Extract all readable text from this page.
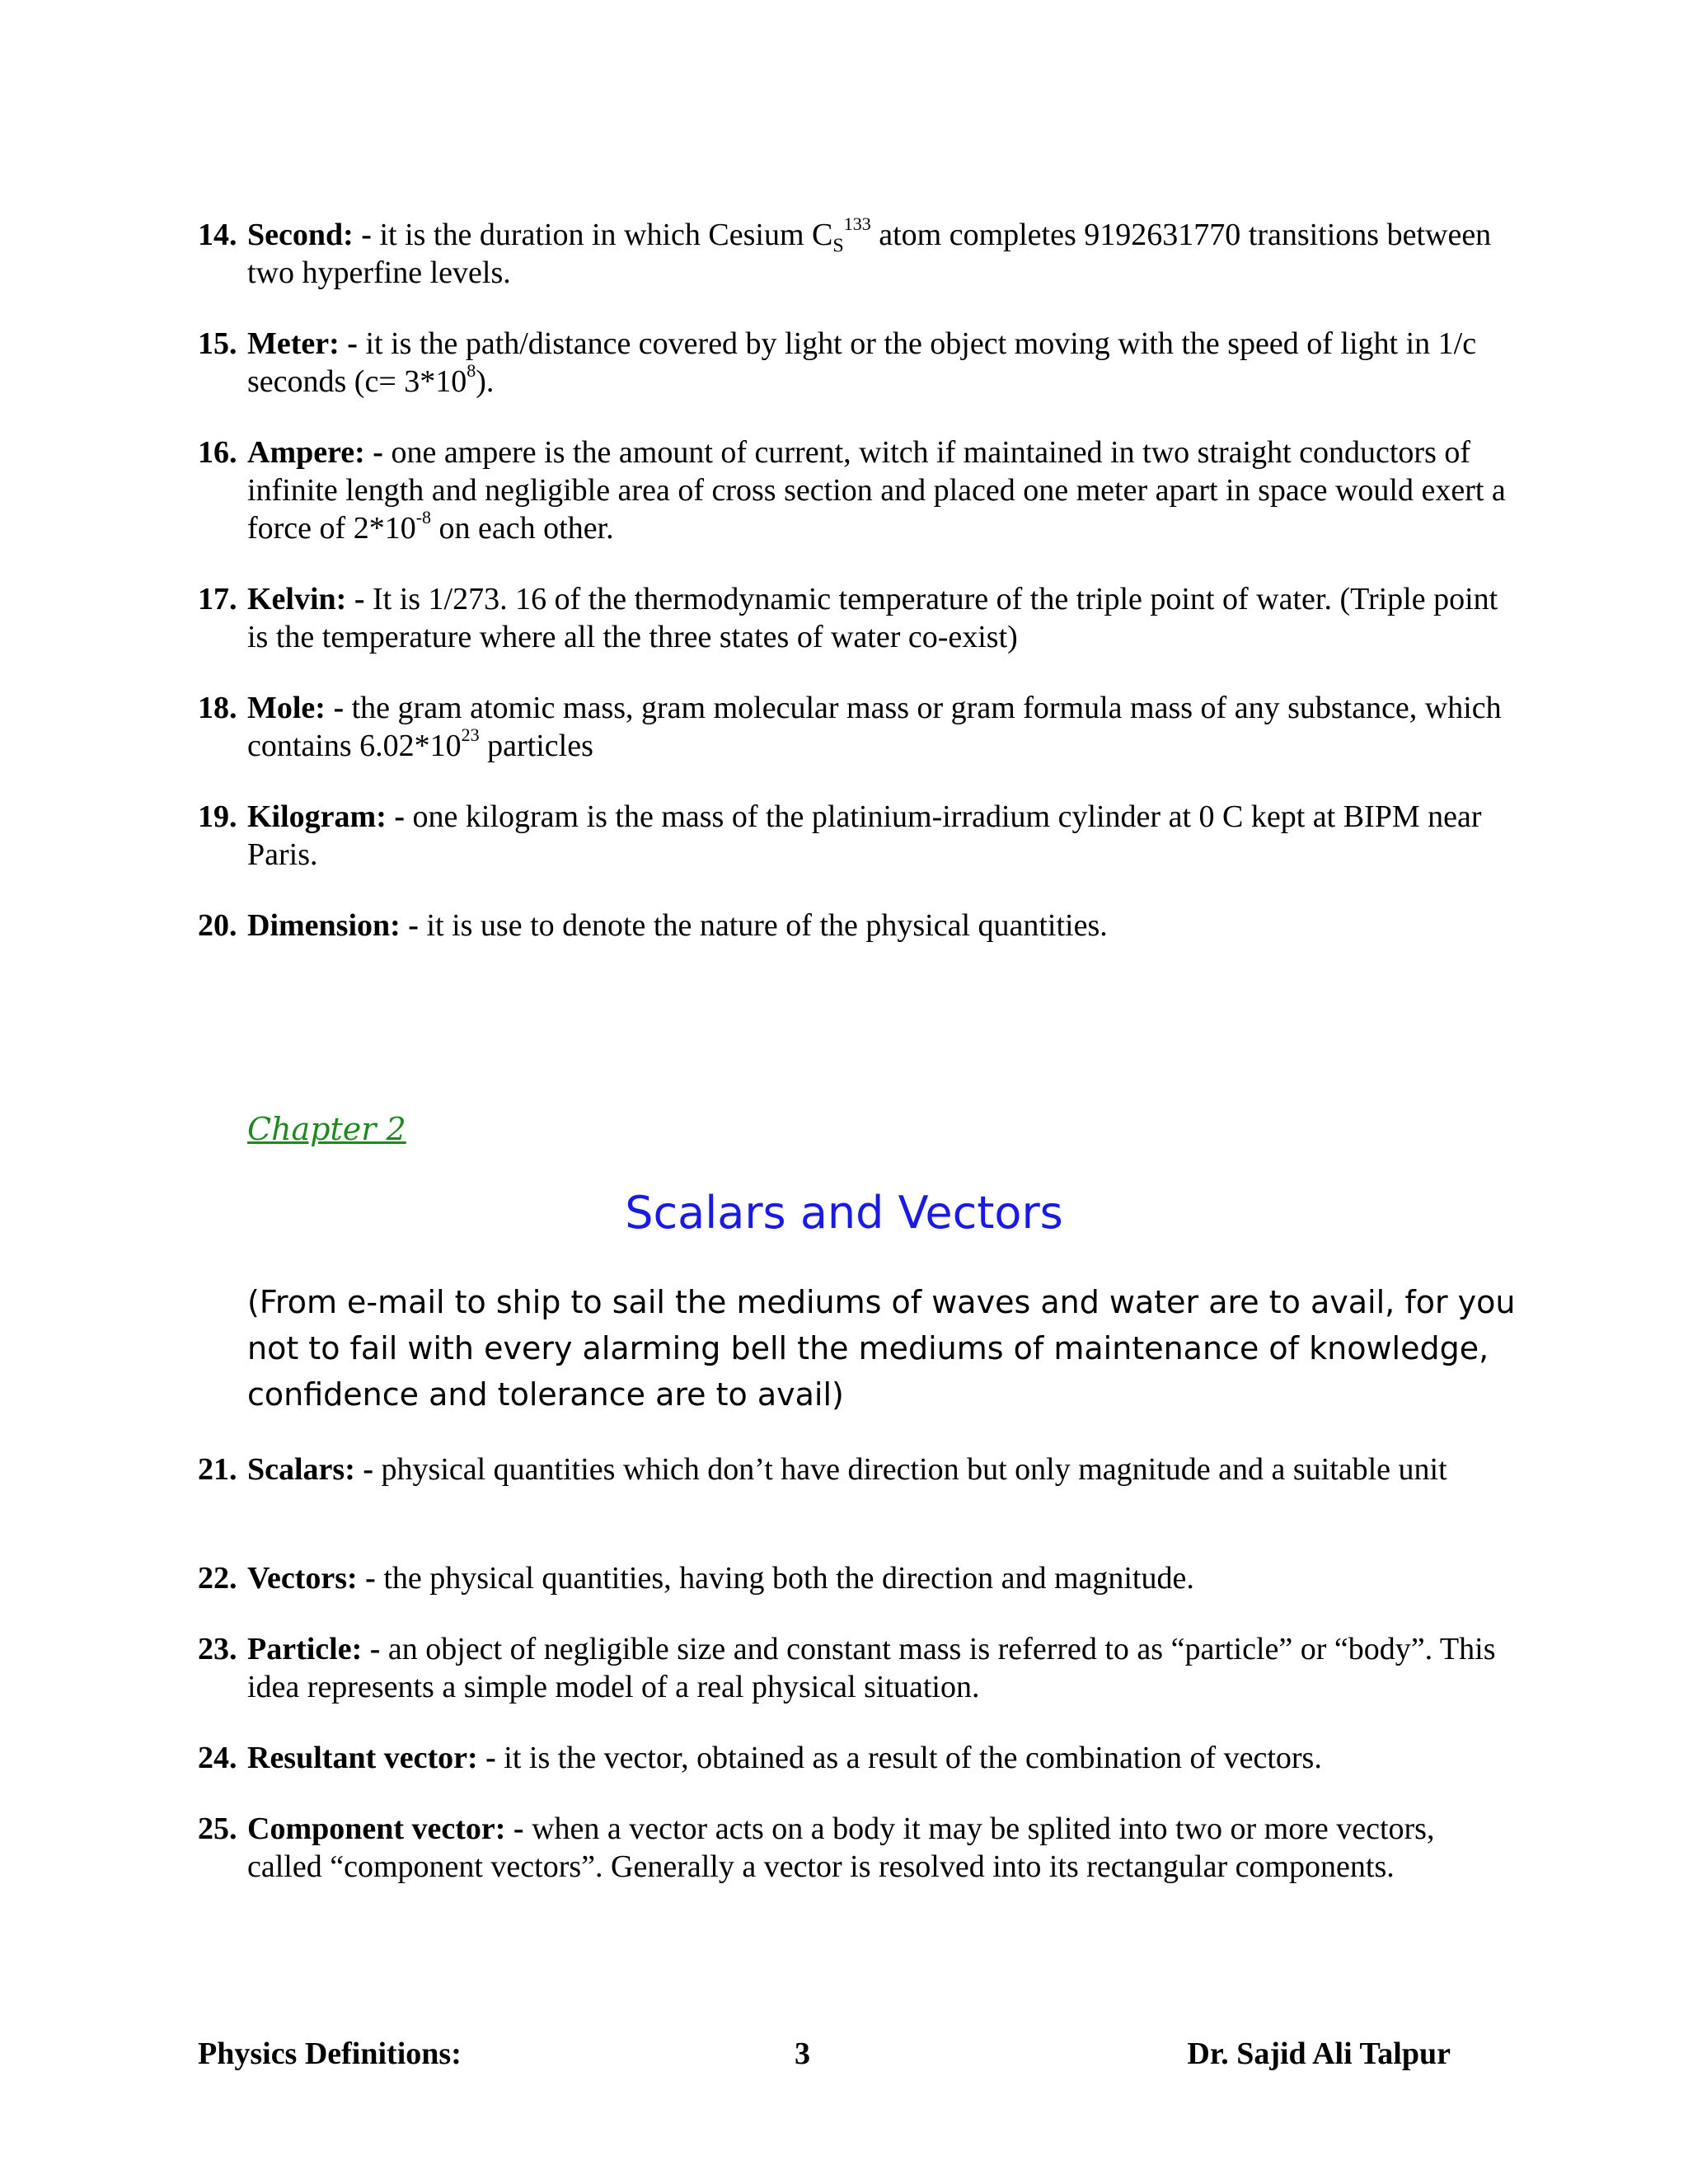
14. Second: - it is the duration in which Cesium $C_S^{133}$ atom completes 9192631770 transitions between two hyperfine levels.
15. Meter: - it is the path/distance covered by light or the object moving with the speed of light in 1/c seconds $(c= 3*10^8)$.
16. Ampere: - one ampere is the amount of current, witch if maintained in two straight conductors of infinite length and negligible area of cross section and placed one meter apart in space would exert a force of $2*10^{-8}$ on each other.
17. Kelvin: - It is 1/273. 16 of the thermodynamic temperature of the triple point of water. (Triple point is the temperature where all the three states of water co-exist)
18. Mole: - the gram atomic mass, gram molecular mass or gram formula mass of any substance, which contains $6.02*10^{23}$ particles
19. Kilogram: - one kilogram is the mass of the platinium-irradium cylinder at 0 C kept at BIPM near Paris.
20. Dimension: - it is use to denote the nature of the physical quantities.
Chapter 2
Scalars and Vectors
(From e-mail to ship to sail the mediums of waves and water are to avail, for you not to fail with every alarming bell the mediums of maintenance of knowledge, confidence and tolerance are to avail)
21. Scalars: - physical quantities which don’t have direction but only magnitude and a suitable unit
22. Vectors: - the physical quantities, having both the direction and magnitude.
23. Particle: - an object of negligible size and constant mass is referred to as “particle” or “body”. This idea represents a simple model of a real physical situation.
24. Resultant vector: - it is the vector, obtained as a result of the combination of vectors.
25. Component vector: - when a vector acts on a body it may be splited into two or more vectors, called “component vectors”. Generally a vector is resolved into its rectangular components.
Physics Definitions:	3	Dr. Sajid Ali Talpur
